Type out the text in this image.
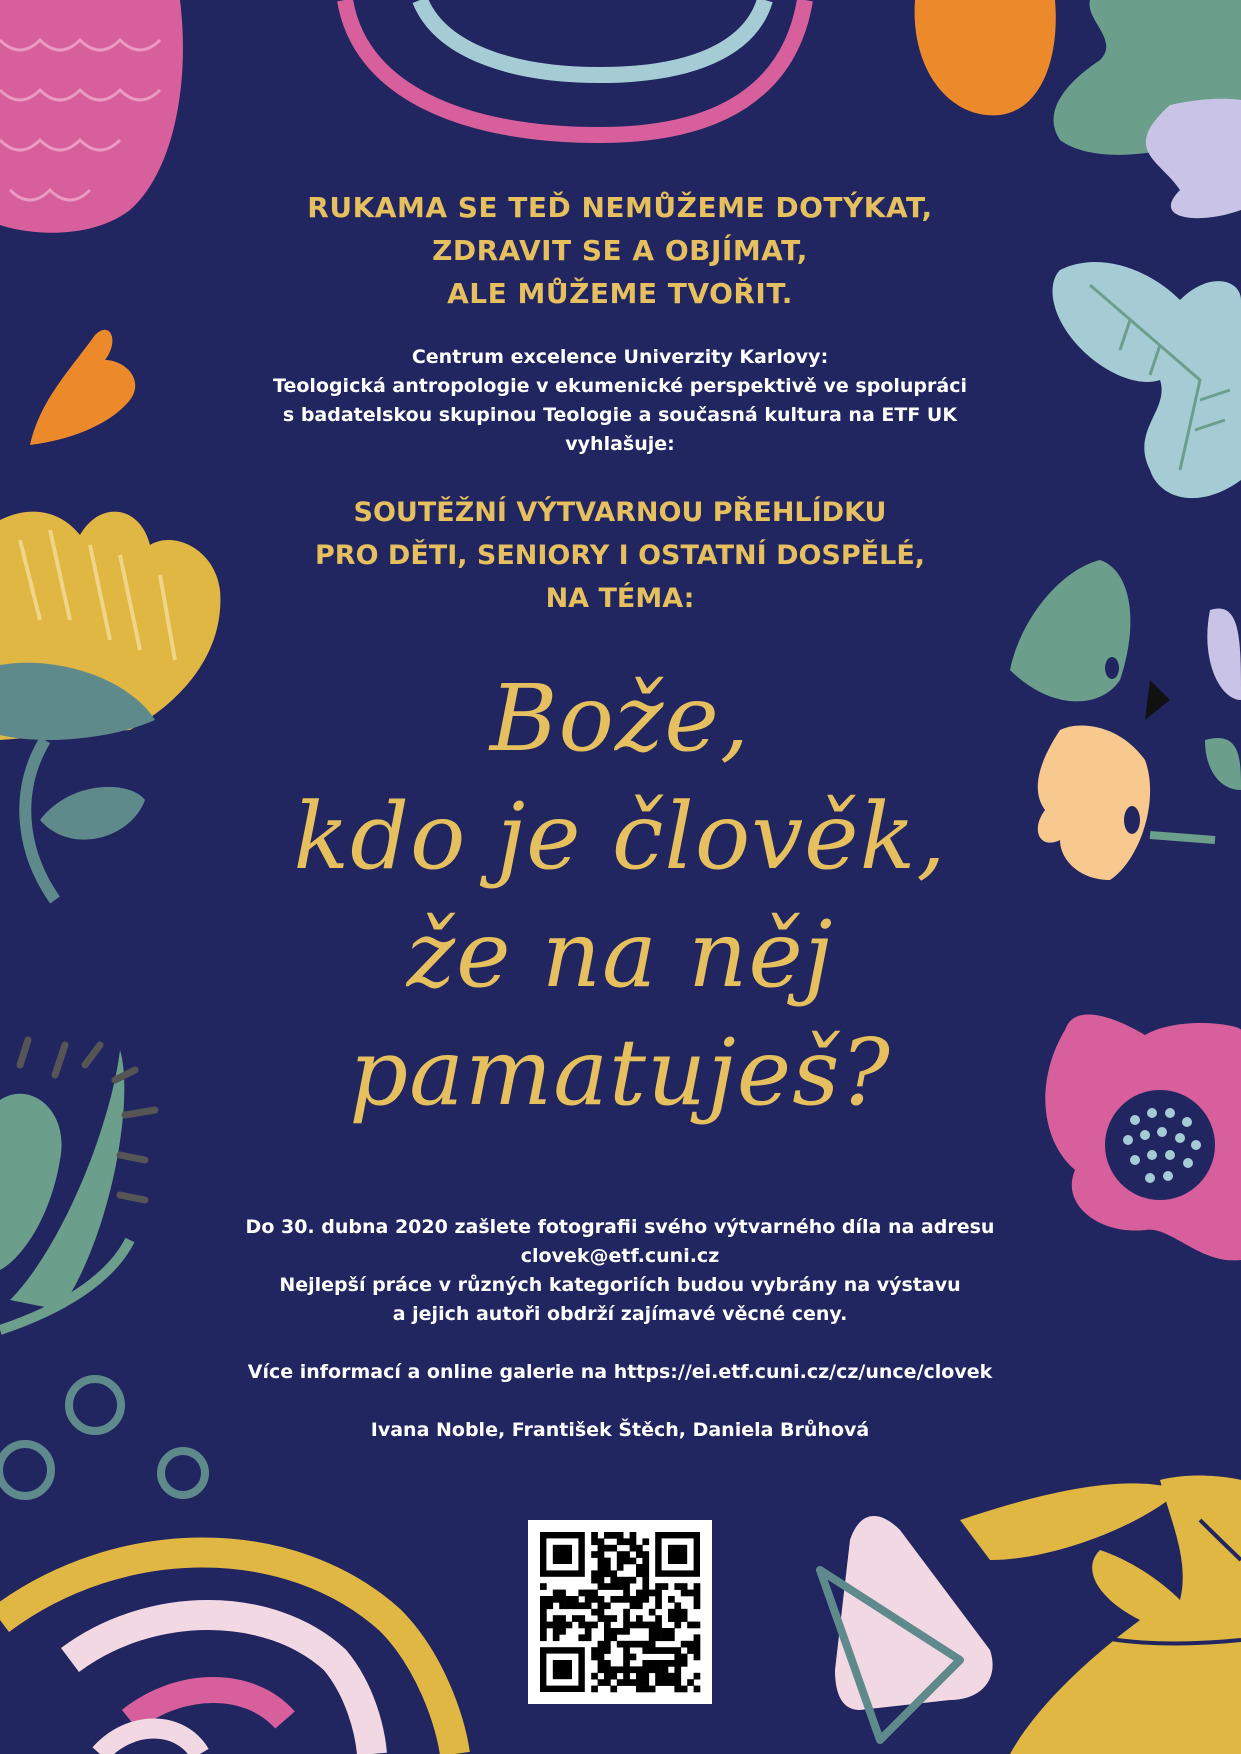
RUKAMA SE TEĎ NEMŮŽEME DOTÝKAT,
ZDRAVIT SE A OBJÍMAT,
ALE MŮŽEME TVOŘIT.
Centrum excelence Univerzity Karlovy:
Teologická antropologie v ekumenické perspektivě ve spolupráci
s badatelskou skupinou Teologie a současná kultura na ETF UK
vyhlašuje:
SOUTĚŽNÍ VÝTVARNOU PŘEHLÍDKU
PRO DĚTI, SENIORY I OSTATNÍ DOSPĚLÉ,
NA TÉMA:
Bože,
kdo je člověk,
že na něj
pamatuješ?
Do 30. dubna 2020 zašlete fotografii svého výtvarného díla na adresu
clovek@etf.cuni.cz
Nejlepší práce v různých kategoriích budou vybrány na výstavu
a jejich autoři obdrží zajímavé věcné ceny.
Více informací a online galerie na https://ei.etf.cuni.cz/cz/unce/clovek
Ivana Noble, František Štěch, Daniela Brůhová
